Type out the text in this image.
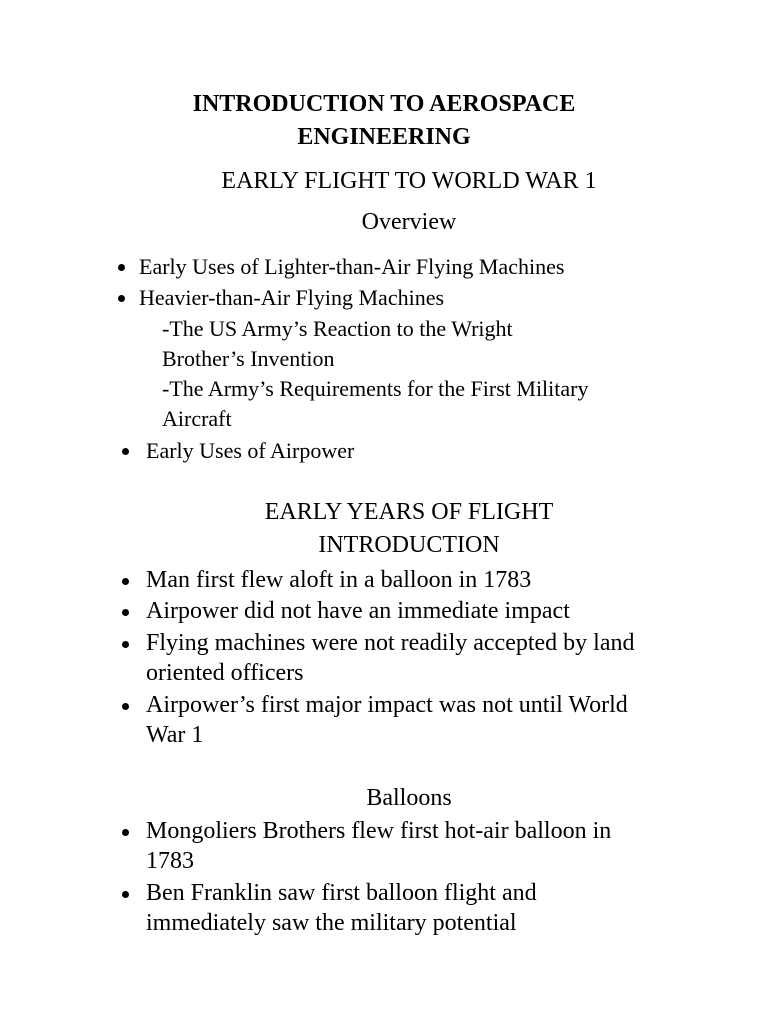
INTRODUCTION TO AEROSPACE
ENGINEERING
EARLY FLIGHT TO WORLD WAR 1
Overview
Early Uses of Lighter-than-Air Flying Machines
Heavier-than-Air Flying Machines
-The US Army’s Reaction to the Wright
Brother’s Invention
-The Army’s Requirements for the First Military
Aircraft
Early Uses of Airpower
EARLY YEARS OF FLIGHT
INTRODUCTION
Man first flew aloft in a balloon in 1783
Airpower did not have an immediate impact
Flying machines were not readily accepted by land
oriented officers
Airpower’s first major impact was not until World
War 1
Balloons
Mongoliers Brothers flew first hot-air balloon in
1783
Ben Franklin saw first balloon flight and
immediately saw the military potential
